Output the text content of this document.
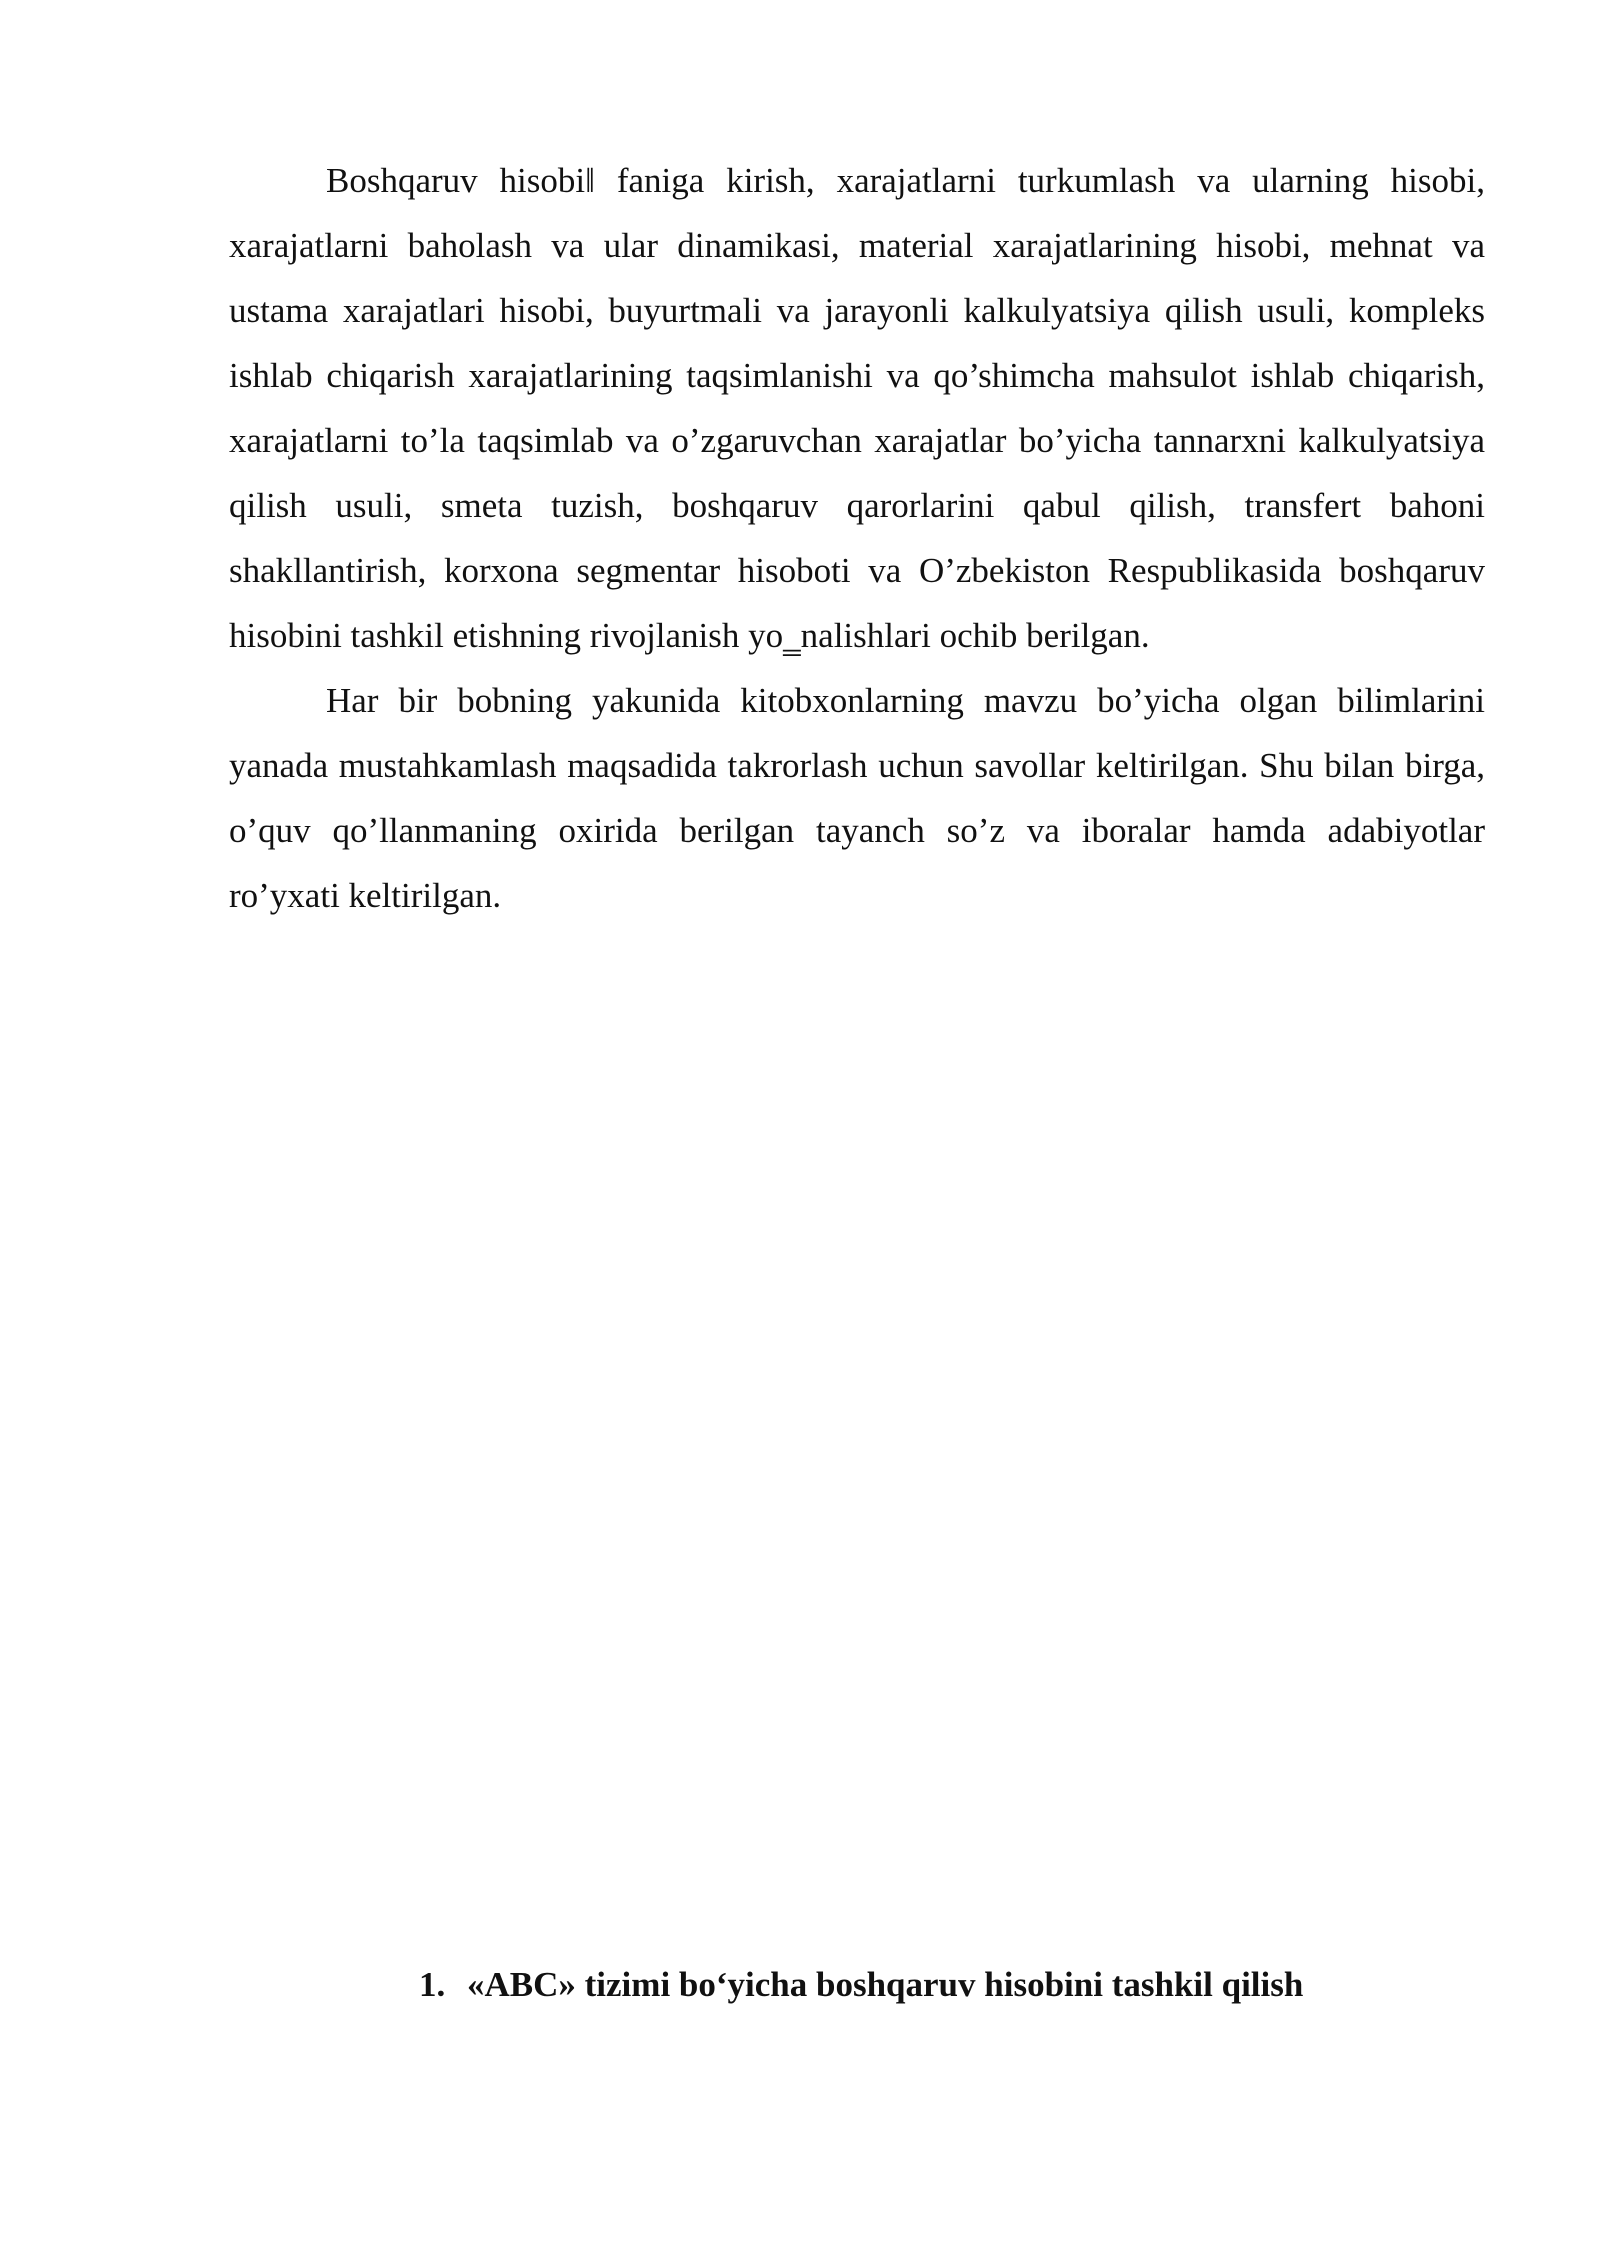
Boshqaruv hisobi‖ faniga kirish, xarajatlarni turkumlash va ularning hisobi, xarajatlarni baholash va ular dinamikasi, material xarajatlarining hisobi, mehnat va ustama xarajatlari hisobi, buyurtmali va jarayonli kalkulyatsiya qilish usuli, kompleks ishlab chiqarish xarajatlarining taqsimlanishi va qo’shimcha mahsulot ishlab chiqarish, xarajatlarni to’la taqsimlab va o’zgaruvchan xarajatlar bo’yicha tannarxni kalkulyatsiya qilish usuli, smeta tuzish, boshqaruv qarorlarini qabul qilish, transfert bahoni shakllantirish, korxona segmentar hisoboti va O’zbekiston Respublikasida boshqaruv hisobini tashkil etishning rivojlanish yo‗nalishlari ochib berilgan.

Har bir bobning yakunida kitobxonlarning mavzu bo’yicha olgan bilimlarini yanada mustahkamlash maqsadida takrorlash uchun savollar keltirilgan. Shu bilan birga, o’quv qo’llanmaning oxirida berilgan tayanch so’z va iboralar hamda adabiyotlar ro’yxati keltirilgan.

1. «ABC» tizimi bo‘yicha boshqaruv hisobini tashkil qilish
